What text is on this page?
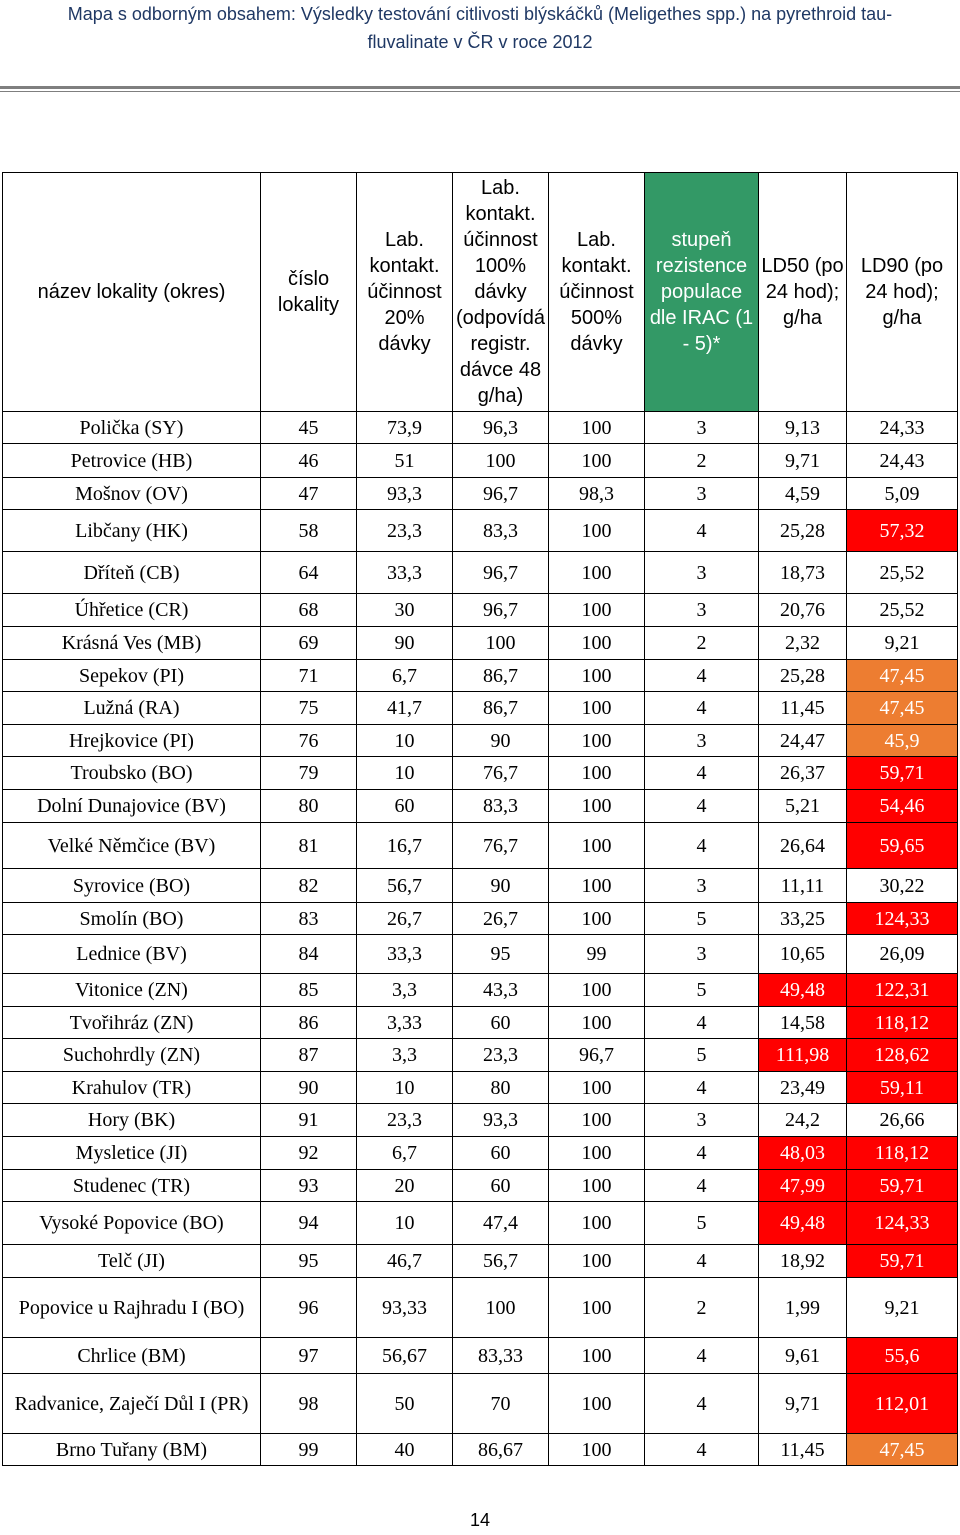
Mapa s odborným obsahem: Výsledky testování citlivosti blýskáčků (Meligethes spp.) na pyrethroid tau-
fluvalinate v ČR v roce 2012
název lokality (okres)	číslo lokality	Lab. kontakt. účinnost 20% dávky	Lab. kontakt. účinnost 100% dávky (odpovídá registr. dávce 48 g/ha)	Lab. kontakt. účinnost 500% dávky	stupeň rezistence populace dle IRAC (1 - 5)*	LD50 (po 24 hod); g/ha	LD90 (po 24 hod); g/ha
Polička (SY)	45	73,9	96,3	100	3	9,13	24,33
Petrovice (HB)	46	51	100	100	2	9,71	24,43
Mošnov (OV)	47	93,3	96,7	98,3	3	4,59	5,09
Libčany (HK)	58	23,3	83,3	100	4	25,28	57,32
Dříteň (CB)	64	33,3	96,7	100	3	18,73	25,52
Úhřetice (CR)	68	30	96,7	100	3	20,76	25,52
Krásná Ves (MB)	69	90	100	100	2	2,32	9,21
Sepekov (PI)	71	6,7	86,7	100	4	25,28	47,45
Lužná (RA)	75	41,7	86,7	100	4	11,45	47,45
Hrejkovice (PI)	76	10	90	100	3	24,47	45,9
Troubsko (BO)	79	10	76,7	100	4	26,37	59,71
Dolní Dunajovice (BV)	80	60	83,3	100	4	5,21	54,46
Velké Němčice (BV)	81	16,7	76,7	100	4	26,64	59,65
Syrovice (BO)	82	56,7	90	100	3	11,11	30,22
Smolín (BO)	83	26,7	26,7	100	5	33,25	124,33
Lednice (BV)	84	33,3	95	99	3	10,65	26,09
Vitonice (ZN)	85	3,3	43,3	100	5	49,48	122,31
Tvořihráz (ZN)	86	3,33	60	100	4	14,58	118,12
Suchohrdly (ZN)	87	3,3	23,3	96,7	5	111,98	128,62
Krahulov (TR)	90	10	80	100	4	23,49	59,11
Hory (BK)	91	23,3	93,3	100	3	24,2	26,66
Mysletice (JI)	92	6,7	60	100	4	48,03	118,12
Studenec (TR)	93	20	60	100	4	47,99	59,71
Vysoké Popovice (BO)	94	10	47,4	100	5	49,48	124,33
Telč (JI)	95	46,7	56,7	100	4	18,92	59,71
Popovice u Rajhradu I (BO)	96	93,33	100	100	2	1,99	9,21
Chrlice (BM)	97	56,67	83,33	100	4	9,61	55,6
Radvanice, Zaječí Důl I (PR)	98	50	70	100	4	9,71	112,01
Brno Tuřany (BM)	99	40	86,67	100	4	11,45	47,45
14
